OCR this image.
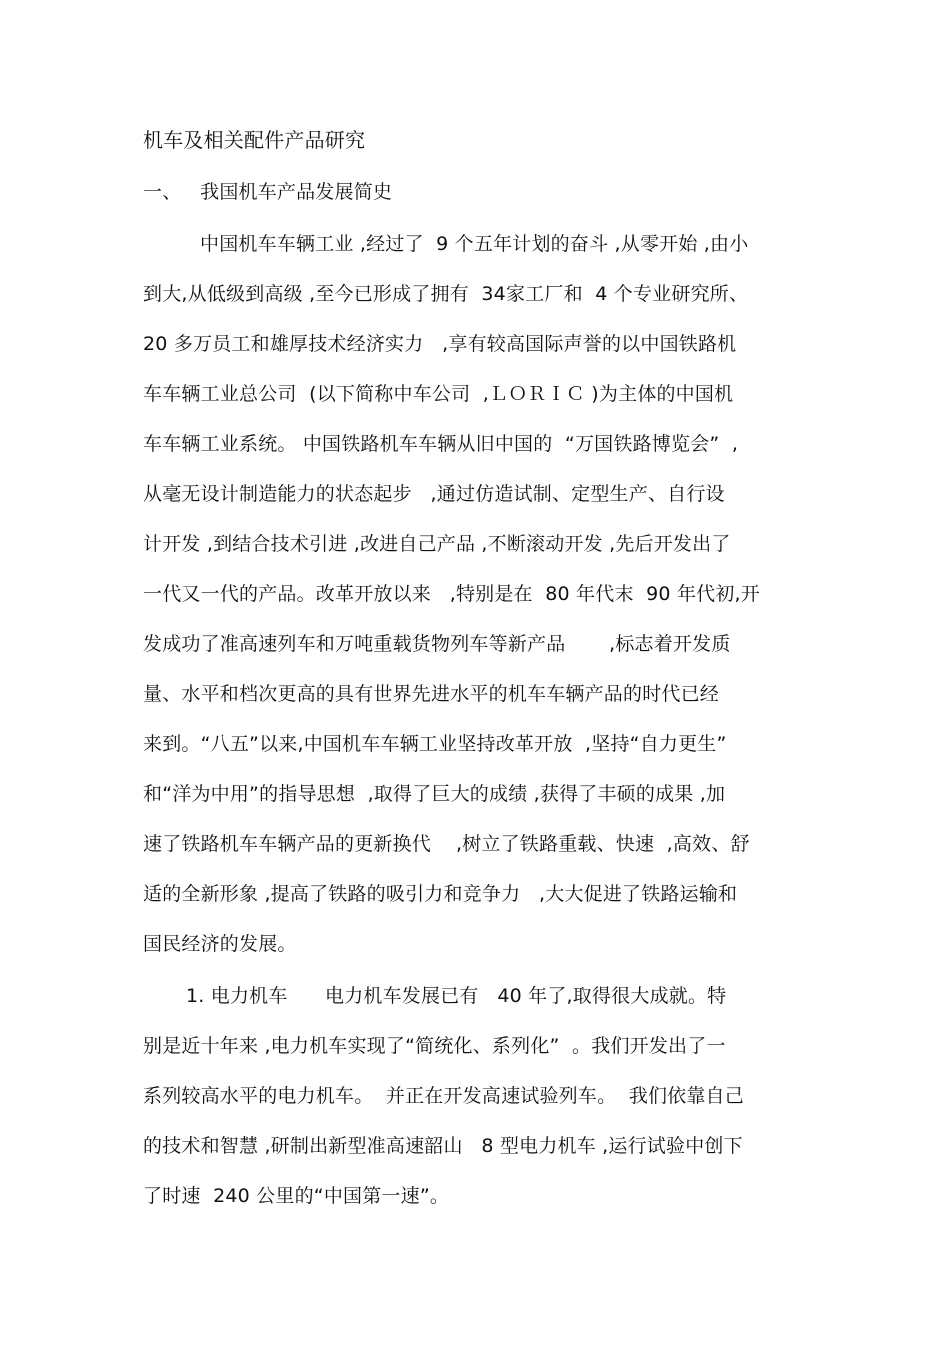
机车及相关配件产品研究
一、   我国机车产品发展简史
中国机车车辆工业 ,经过了  9 个五年计划的奋斗 ,从零开始 ,由小
到大,从低级到高级 ,至今已形成了拥有  34家工厂和  4 个专业研究所、
20 多万员工和雄厚技术经济实力   ,享有较高国际声誉的以中国铁路机
车车辆工业总公司  (以下简称中车公司  ,ＬＯＲＩＣ )为主体的中国机
车车辆工业系统。 中国铁路机车车辆从旧中国的  “万国铁路博览会”  ,
从毫无设计制造能力的状态起步   ,通过仿造试制、定型生产、自行设
计开发 ,到结合技术引进 ,改进自己产品 ,不断滚动开发 ,先后开发出了
一代又一代的产品。改革开放以来   ,特别是在  80 年代末  90 年代初,开
发成功了准高速列车和万吨重载货物列车等新产品       ,标志着开发质
量、水平和档次更高的具有世界先进水平的机车车辆产品的时代已经
来到。“八五”以来,中国机车车辆工业坚持改革开放  ,坚持“自力更生”
和“洋为中用”的指导思想  ,取得了巨大的成绩 ,获得了丰硕的成果 ,加
速了铁路机车车辆产品的更新换代    ,树立了铁路重载、快速  ,高效、舒
适的全新形象 ,提高了铁路的吸引力和竞争力   ,大大促进了铁路运输和
国民经济的发展。
1. 电力机车      电力机车发展已有   40 年了,取得很大成就。特
别是近十年来 ,电力机车实现了“简统化、系列化”  。我们开发出了一
系列较高水平的电力机车。  并正在开发高速试验列车。  我们依靠自己
的技术和智慧 ,研制出新型准高速韶山   8 型电力机车 ,运行试验中创下
了时速  240 公里的“中国第一速”。
